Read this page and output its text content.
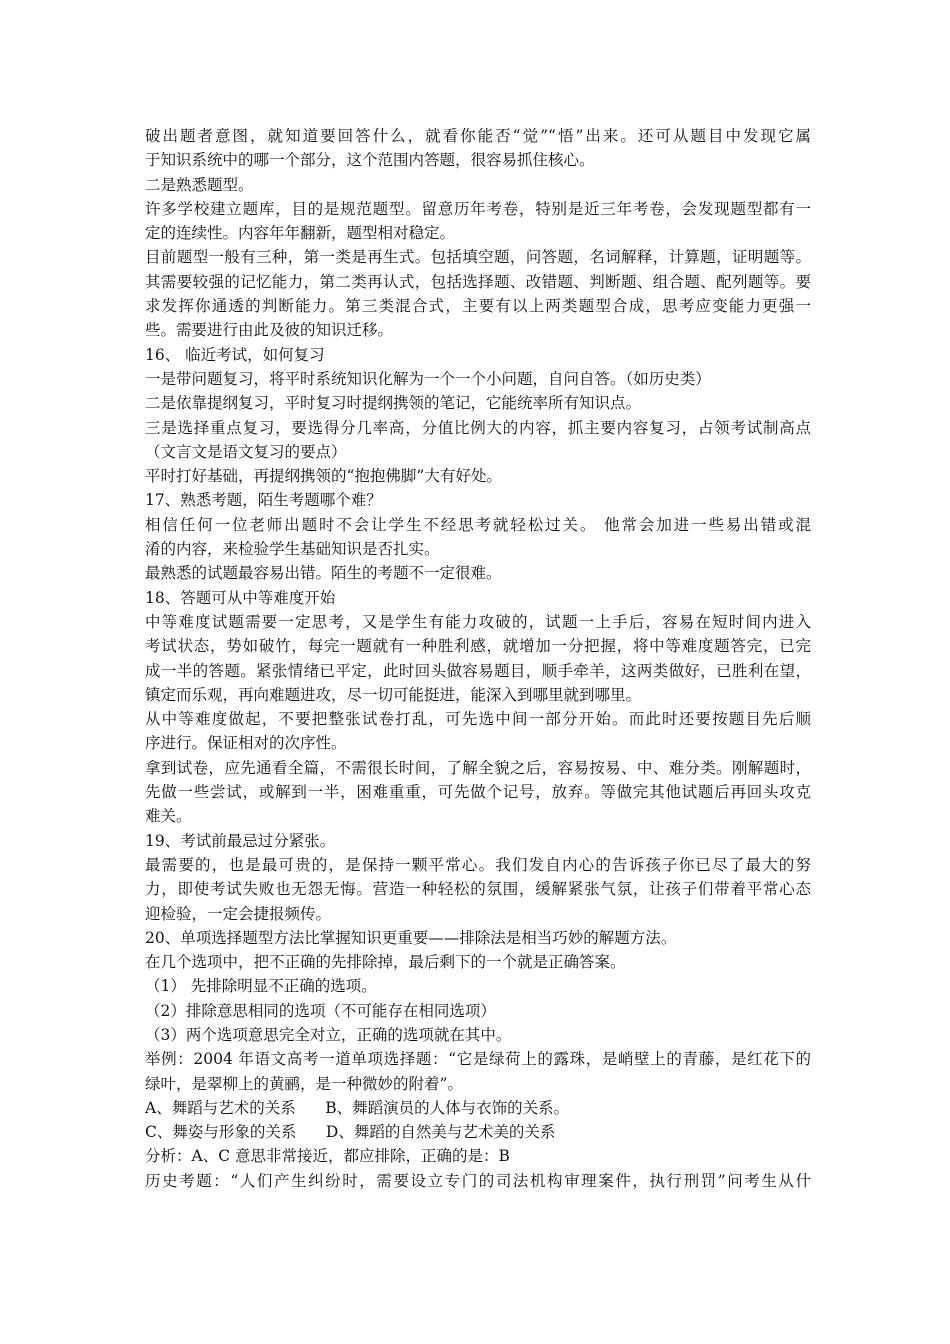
破出题者意图，就知道要回答什么，就看你能否“觉”“悟”出来。还可从题目中发现它属
于知识系统中的哪一个部分，这个范围内答题，很容易抓住核心。
二是熟悉题型。
许多学校建立题库，目的是规范题型。留意历年考卷，特别是近三年考卷，会发现题型都有一
定的连续性。内容年年翻新，题型相对稳定。
目前题型一般有三种，第一类是再生式。包括填空题，问答题，名词解释，计算题，证明题等。
其需要较强的记忆能力，第二类再认式，包括选择题、改错题、判断题、组合题、配列题等。要
求发挥你通透的判断能力。第三类混合式，主要有以上两类题型合成，思考应变能力更强一
些。需要进行由此及彼的知识迁移。
16、 临近考试，如何复习
一是带问题复习，将平时系统知识化解为一个一个小问题，自问自答。（如历史类）
二是依靠提纲复习，平时复习时提纲携领的笔记，它能统率所有知识点。
三是选择重点复习，要选得分几率高，分值比例大的内容，抓主要内容复习，占领考试制高点
（文言文是语文复习的要点）
平时打好基础，再提纲携领的“抱抱佛脚”大有好处。
17、熟悉考题，陌生考题哪个难？
相信任何一位老师出题时不会让学生不经思考就轻松过关。 他常会加进一些易出错或混
淆的内容，来检验学生基础知识是否扎实。
最熟悉的试题最容易出错。陌生的考题不一定很难。
18、答题可从中等难度开始
中等难度试题需要一定思考，又是学生有能力攻破的，试题一上手后，容易在短时间内进入
考试状态，势如破竹，每完一题就有一种胜利感，就增加一分把握，将中等难度题答完，已完
成一半的答题。紧张情绪已平定，此时回头做容易题目，顺手牵羊，这两类做好，已胜利在望，
镇定而乐观，再向难题进攻，尽一切可能挺进，能深入到哪里就到哪里。
从中等难度做起，不要把整张试卷打乱，可先选中间一部分开始。而此时还要按题目先后顺
序进行。保证相对的次序性。
拿到试卷，应先通看全篇，不需很长时间，了解全貌之后，容易按易、中、难分类。刚解题时，
先做一些尝试，或解到一半，困难重重，可先做个记号，放弃。等做完其他试题后再回头攻克
难关。
19、考试前最忌过分紧张。
最需要的，也是最可贵的，是保持一颗平常心。我们发自内心的告诉孩子你已尽了最大的努
力，即使考试失败也无怨无悔。营造一种轻松的氛围，缓解紧张气氛，让孩子们带着平常心态
迎检验，一定会捷报频传。
20、单项选择题型方法比掌握知识更重要——排除法是相当巧妙的解题方法。
在几个选项中，把不正确的先排除掉，最后剩下的一个就是正确答案。
（1） 先排除明显不正确的选项。
（2）排除意思相同的选项（不可能存在相同选项）
（3）两个选项意思完全对立，正确的选项就在其中。
举例：2004 年语文高考一道单项选择题：“它是绿荷上的露珠，是峭壁上的青藤，是红花下的
绿叶，是翠柳上的黄鹂，是一种微妙的附着”。
A、舞蹈与艺术的关系      B、舞蹈演员的人体与衣饰的关系。
C、舞姿与形象的关系      D、舞蹈的自然美与艺术美的关系
分析：A、C 意思非常接近，都应排除，正确的是：B
历史考题：“人们产生纠纷时，需要设立专门的司法机构审理案件，执行刑罚”问考生从什
